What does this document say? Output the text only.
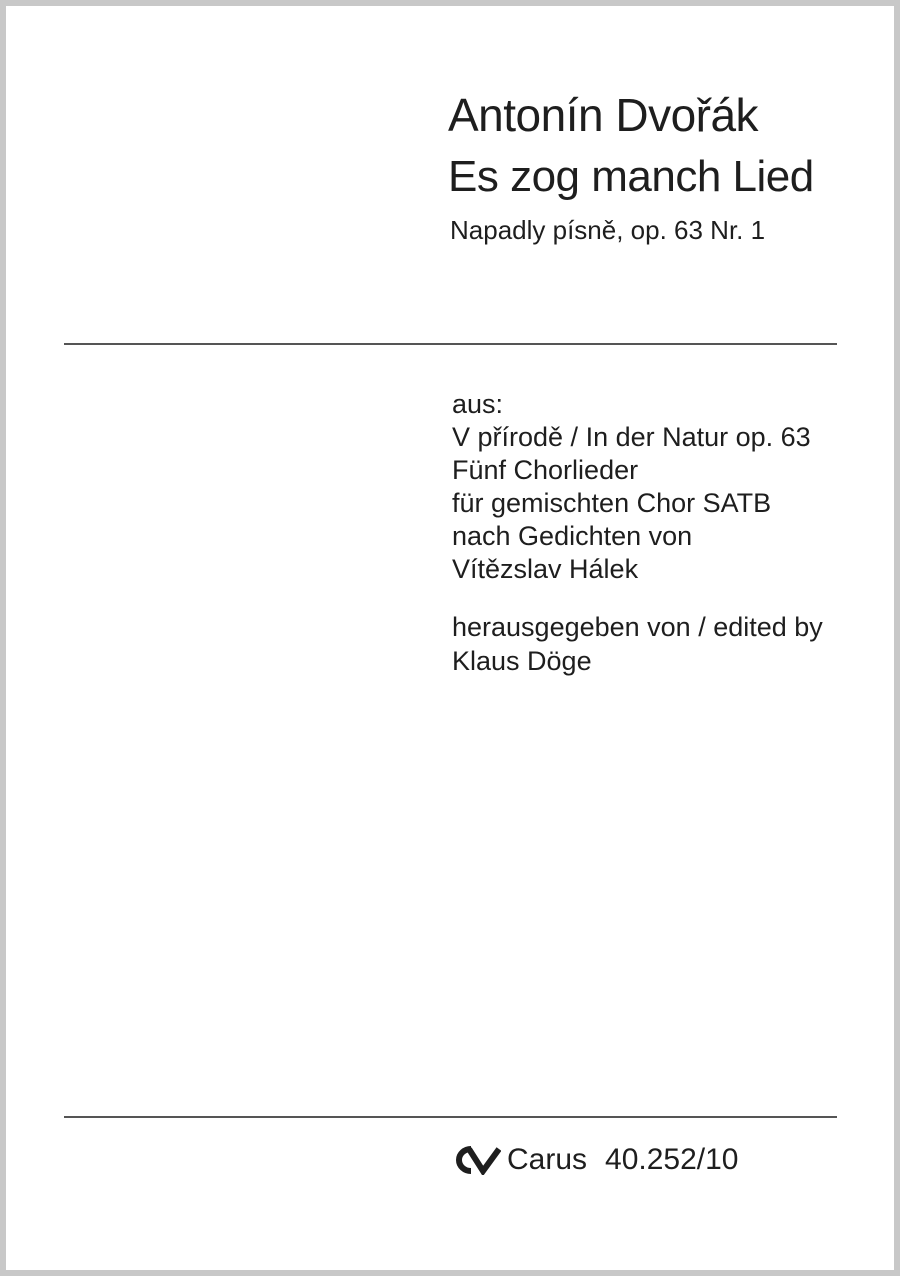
Antonín Dvořák
Es zog manch Lied
Napadly písně, op. 63 Nr. 1
aus:
V přírodě / In der Natur op. 63
Fünf Chorlieder
für gemischten Chor SATB
nach Gedichten von
Vítězslav Hálek
herausgegeben von / edited by
Klaus Döge
Carus 40.252/10
